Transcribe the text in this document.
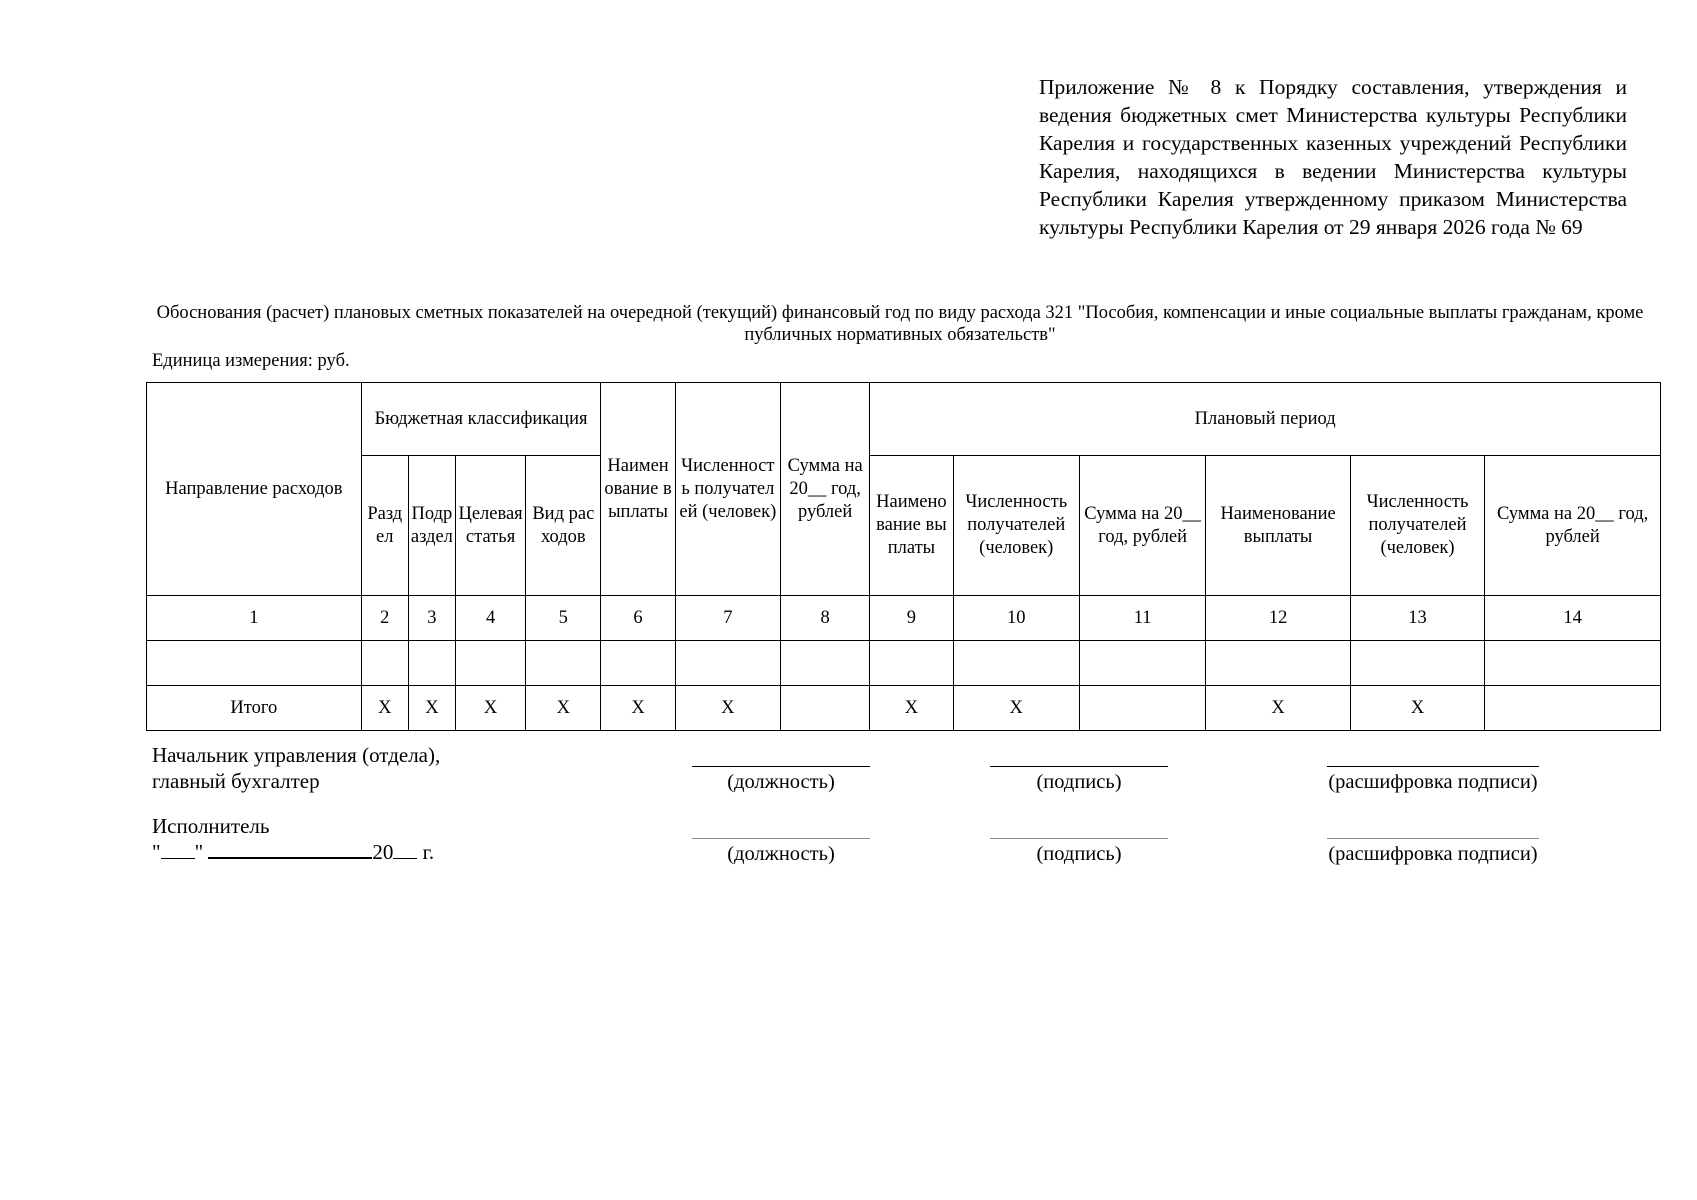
Приложение № 8 к Порядку составления, утверждения и ведения бюджетных смет Министерства культуры Республики Карелия и государственных казенных учреждений Республики Карелия, находящихся в ведении Министерства культуры Республики Карелия утвержденному приказом Министерства культуры Республики Карелия от 29 января 2026 года № 69
Обоснования (расчет) плановых сметных показателей на очередной (текущий) финансовый год по виду расхода 321 "Пособия, компенсации и иные социальные выплаты гражданам, кроме публичных нормативных обязательств"
Единица измерения: руб.
Направление расходов	Бюджетная классификация				Наименование выплаты	Численность получателей (человек)	Сумма на 20__ год, рублей	Плановый период					
	Раздел	Подраздел	Целевая статья	Вид расходов				Наименование выплаты	Численность получателей (человек)	Сумма на 20__ год, рублей	Наименование выплаты	Численность получателей (человек)	Сумма на 20__ год, рублей
1	2	3	4	5	6	7	8	9	10	11	12	13	14

Итого	X	X	X	X	X	X		X	X		X	X	
Начальник управления (отдела),
главный бухгалтер	(должность)	(подпись)	(расшифровка подписи)
Исполнитель
" "	20 г.	(должность)	(подпись)	(расшифровка подписи)
